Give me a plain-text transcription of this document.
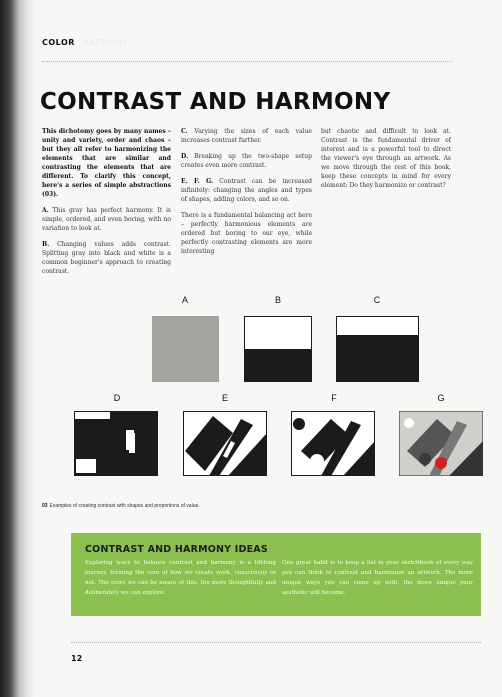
COLOR HARMONY
CONTRAST AND HARMONY

This dichotomy goes by many names – unity and variety, order and chaos – but they all refer to harmonizing the elements that are similar and contrasting the elements that are different. To clarify this concept, here's a series of simple abstractions (03).

A. This gray has perfect harmony. It is simple, ordered, and even boring, with no variation to look at.

B. Changing values adds contrast. Splitting gray into black and white is a common beginner's approach to creating contrast.

C. Varying the sizes of each value increases contrast further.

D. Breaking up the two-shape setup creates even more contrast.

E. F. G. Contrast can be increased infinitely: changing the angles and types of shapes, adding colors, and so on.

There is a fundamental balancing act here – perfectly harmonious elements are ordered but boring to our eye, while perfectly contrasting elements are more interesting

but chaotic and difficult to look at. Contrast is the fundamental driver of interest and is a powerful tool to direct the viewer's eye through an artwork. As we move through the rest of this book, keep these concepts in mind for every element: Do they harmonize or contrast?

A	B	C
D	E	F	G
03 Examples of creating contrast with shapes and proportions of value.
CONTRAST AND HARMONY IDEAS
Exploring ways to balance contrast and harmony is a lifelong journey, forming the core of how we create work, consciously or not. The more we can be aware of this, the more thoughtfully and deliberately we can explore.
One great habit is to keep a list in your sketchbook of every way you can think to contrast and harmonize an artwork. The more unique ways you can come up with, the more unique your aesthetic will become.
12
